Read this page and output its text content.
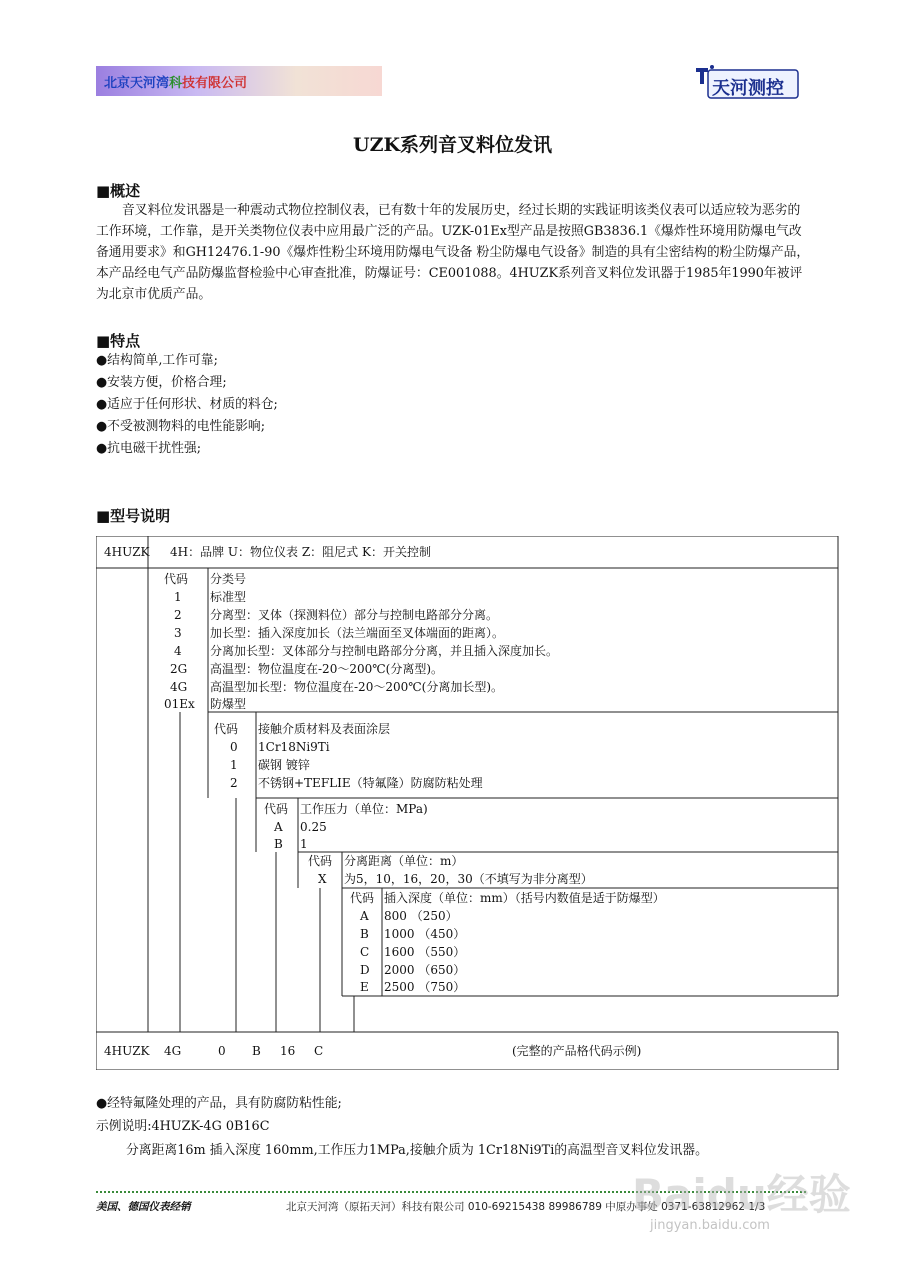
北京天河湾科技有限公司	天河测控
UZK系列音叉料位发讯
■概述

音叉料位发讯器是一种震动式物位控制仪表，已有数十年的发展历史，经过长期的实践证明该类仪表可以适应较为恶劣的工作环境，工作靠，是开关类物位仪表中应用最广泛的产品。UZK-01Ex型产品是按照GB3836.1《爆炸性环境用防爆电气改备通用要求》和GH12476.1-90《爆炸性粉尘环境用防爆电气设备 粉尘防爆电气设备》制造的具有尘密结构的粉尘防爆产品，本产品经电气产品防爆监督检验中心审查批准，防爆证号：CE001088。4HUZK系列音叉料位发讯器于1985年1990年被评为北京市优质产品。

■特点
●结构简单,工作可靠;
●安装方便，价格合理;
●适应于任何形状、材质的料仓;
●不受被测物料的电性能影响;
●抗电磁干扰性强;
■型号说明
4HUZK 4H：品牌 U：物位仪表 Z：阻尼式 K：开关控制
代码 分类号
1 标准型
2 分离型：叉体（探测料位）部分与控制电路部分分离。
3 加长型：插入深度加长（法兰端面至叉体端面的距离）。
4 分离加长型：叉体部分与控制电路部分分离，并且插入深度加长。
2G 高温型：物位温度在-20～200℃(分离型)。
4G 高温型加长型：物位温度在-20～200℃(分离加长型)。
01Ex 防爆型
代码 接触介质材料及表面涂层
0 1Cr18Ni9Ti
1 碳钢 镀锌
2 不锈钢+TEFLIE（特氟隆）防腐防粘处理
代码 工作压力（单位：MPa)
A 0.25
B 1
代码 分离距离（单位：m）
X 为5，10，16，20，30（不填写为非分离型）
代码 插入深度（单位：mm）（括号内数值是适于防爆型）
A 800 （250）
B 1000 （450）
C 1600 （550）
D 2000 （650）
E 2500 （750）
4HUZK 4G	0 B 16 C	(完整的产品格代码示例)
●经特氟隆处理的产品，具有防腐防粘性能;
示例说明:4HUZK-4G 0B16C
分离距离16m 插入深度 160mm,工作压力1MPa,接触介质为 1Cr18Ni9Ti的高温型音叉料位发讯器。
美国、德国仪表经销	北京天河湾（原拓天河）科技有限公司 010-69215438 89986789 中原办事处 0371-63812962 1/3
Baidu经验
jingyan.baidu.com
